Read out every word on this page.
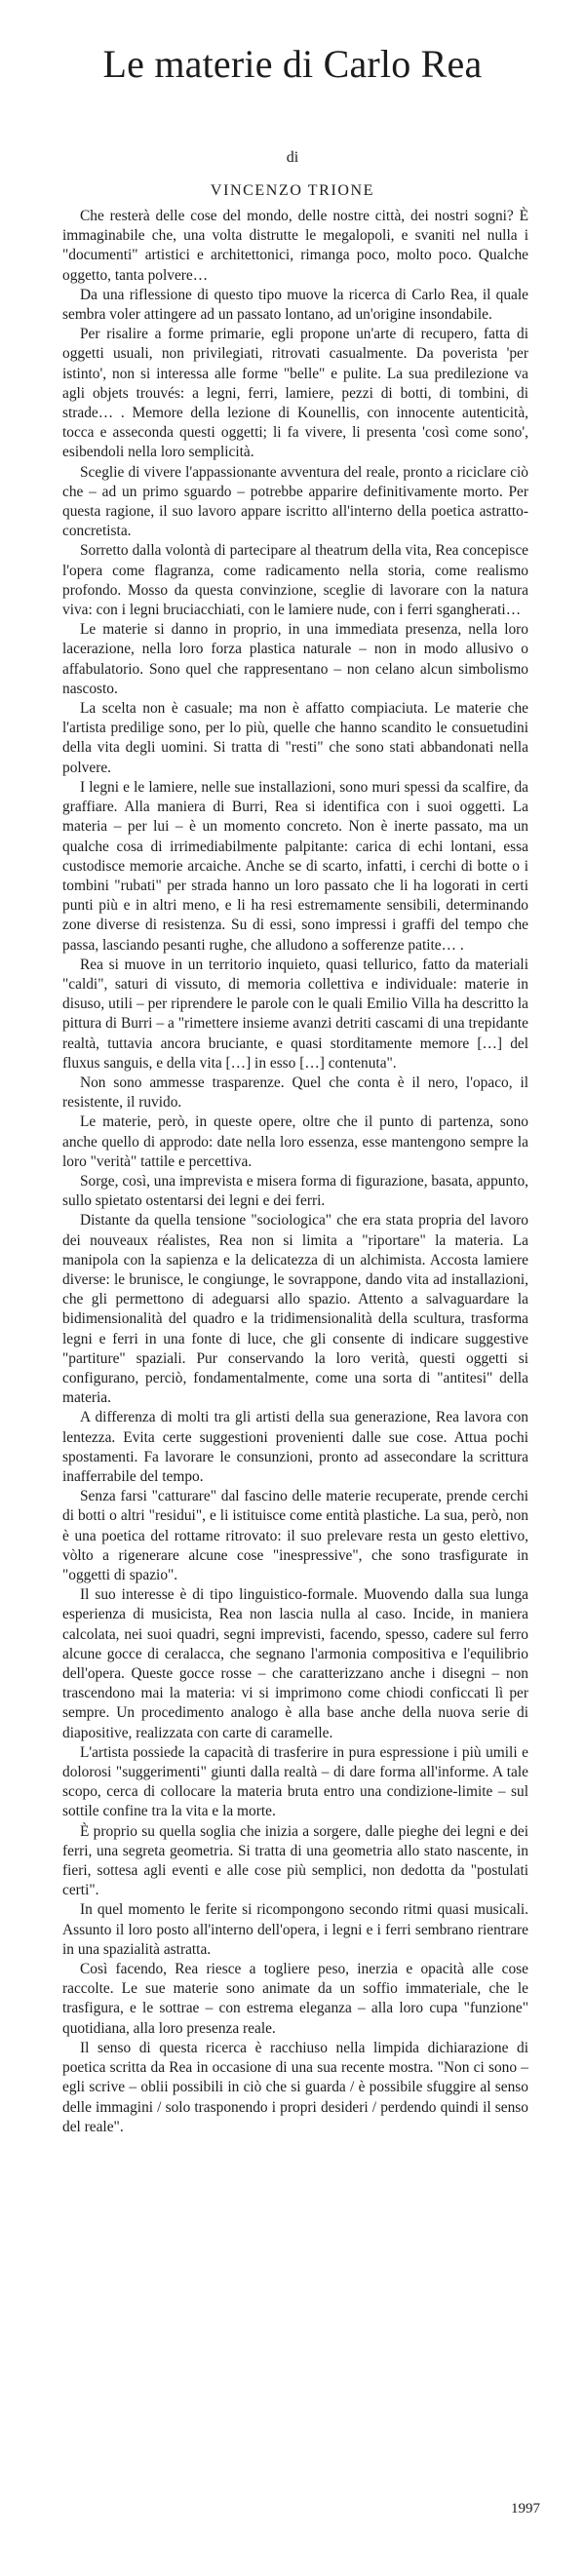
Le materie di Carlo Rea
di
VINCENZO TRIONE

Che resterà delle cose del mondo, delle nostre città, dei nostri sogni? È immaginabile che, una volta distrutte le megalopoli, e svaniti nel nulla i "documenti" artistici e architettonici, rimanga poco, molto poco. Qualche oggetto, tanta polvere…

Da una riflessione di questo tipo muove la ricerca di Carlo Rea, il quale sembra voler attingere ad un passato lontano, ad un'origine insondabile.

Per risalire a forme primarie, egli propone un'arte di recupero, fatta di oggetti usuali, non privilegiati, ritrovati casualmente. Da poverista 'per istinto', non si interessa alle forme "belle" e pulite. La sua predilezione va agli objets trouvés: a legni, ferri, lamiere, pezzi di botti, di tombini, di strade… . Memore della lezione di Kounellis, con innocente autenticità, tocca e asseconda questi oggetti; li fa vivere, li presenta 'così come sono', esibendoli nella loro semplicità.

Sceglie di vivere l'appassionante avventura del reale, pronto a riciclare ciò che – ad un primo sguardo – potrebbe apparire definitivamente morto. Per questa ragione, il suo lavoro appare iscritto all'interno della poetica astratto-concretista.

Sorretto dalla volontà di partecipare al theatrum della vita, Rea concepisce l'opera come flagranza, come radicamento nella storia, come realismo profondo. Mosso da questa convinzione, sceglie di lavorare con la natura viva: con i legni bruciacchiati, con le lamiere nude, con i ferri sgangherati…

Le materie si danno in proprio, in una immediata presenza, nella loro lacerazione, nella loro forza plastica naturale – non in modo allusivo o affabulatorio. Sono quel che rappresentano – non celano alcun simbolismo nascosto.

La scelta non è casuale; ma non è affatto compiaciuta. Le materie che l'artista predilige sono, per lo più, quelle che hanno scandito le consuetudini della vita degli uomini. Si tratta di "resti" che sono stati abbandonati nella polvere.

I legni e le lamiere, nelle sue installazioni, sono muri spessi da scalfire, da graffiare. Alla maniera di Burri, Rea si identifica con i suoi oggetti. La materia – per lui – è un momento concreto. Non è inerte passato, ma un qualche cosa di irrimediabilmente palpitante: carica di echi lontani, essa custodisce memorie arcaiche. Anche se di scarto, infatti, i cerchi di botte o i tombini "rubati" per strada hanno un loro passato che li ha logorati in certi punti più e in altri meno, e li ha resi estremamente sensibili, determinando zone diverse di resistenza. Su di essi, sono impressi i graffi del tempo che passa, lasciando pesanti rughe, che alludono a sofferenze patite… .

Rea si muove in un territorio inquieto, quasi tellurico, fatto da materiali "caldi", saturi di vissuto, di memoria collettiva e individuale: materie in disuso, utili – per riprendere le parole con le quali Emilio Villa ha descritto la pittura di Burri – a "rimettere insieme avanzi detriti cascami di una trepidante realtà, tuttavia ancora bruciante, e quasi storditamente memore […] del fluxus sanguis, e della vita […] in esso […] contenuta".

Non sono ammesse trasparenze. Quel che conta è il nero, l'opaco, il resistente, il ruvido.

Le materie, però, in queste opere, oltre che il punto di partenza, sono anche quello di approdo: date nella loro essenza, esse mantengono sempre la loro "verità" tattile e percettiva.

Sorge, così, una imprevista e misera forma di figurazione, basata, appunto, sullo spietato ostentarsi dei legni e dei ferri.

Distante da quella tensione "sociologica" che era stata propria del lavoro dei nouveaux réalistes, Rea non si limita a "riportare" la materia. La manipola con la sapienza e la delicatezza di un alchimista. Accosta lamiere diverse: le brunisce, le congiunge, le sovrappone, dando vita ad installazioni, che gli permettono di adeguarsi allo spazio. Attento a salvaguardare la bidimensionalità del quadro e la tridimensionalità della scultura, trasforma legni e ferri in una fonte di luce, che gli consente di indicare suggestive "partiture" spaziali. Pur conservando la loro verità, questi oggetti si configurano, perciò, fondamentalmente, come una sorta di "antitesi" della materia.

A differenza di molti tra gli artisti della sua generazione, Rea lavora con lentezza. Evita certe suggestioni provenienti dalle sue cose. Attua pochi spostamenti. Fa lavorare le consunzioni, pronto ad assecondare la scrittura inafferrabile del tempo.

Senza farsi "catturare" dal fascino delle materie recuperate, prende cerchi di botti o altri "residui", e li istituisce come entità plastiche. La sua, però, non è una poetica del rottame ritrovato: il suo prelevare resta un gesto elettivo, vòlto a rigenerare alcune cose "inespressive", che sono trasfigurate in "oggetti di spazio".

Il suo interesse è di tipo linguistico-formale. Muovendo dalla sua lunga esperienza di musicista, Rea non lascia nulla al caso. Incide, in maniera calcolata, nei suoi quadri, segni imprevisti, facendo, spesso, cadere sul ferro alcune gocce di ceralacca, che segnano l'armonia compositiva e l'equilibrio dell'opera. Queste gocce rosse – che caratterizzano anche i disegni – non trascendono mai la materia: vi si imprimono come chiodi conficcati lì per sempre. Un procedimento analogo è alla base anche della nuova serie di diapositive, realizzata con carte di caramelle.

L'artista possiede la capacità di trasferire in pura espressione i più umili e dolorosi "suggerimenti" giunti dalla realtà – di dare forma all'informe. A tale scopo, cerca di collocare la materia bruta entro una condizione-limite – sul sottile confine tra la vita e la morte.

È proprio su quella soglia che inizia a sorgere, dalle pieghe dei legni e dei ferri, una segreta geometria. Si tratta di una geometria allo stato nascente, in fieri, sottesa agli eventi e alle cose più semplici, non dedotta da "postulati certi".

In quel momento le ferite si ricompongono secondo ritmi quasi musicali. Assunto il loro posto all'interno dell'opera, i legni e i ferri sembrano rientrare in una spazialità astratta.

Così facendo, Rea riesce a togliere peso, inerzia e opacità alle cose raccolte. Le sue materie sono animate da un soffio immateriale, che le trasfigura, e le sottrae – con estrema eleganza – alla loro cupa "funzione" quotidiana, alla loro presenza reale.

Il senso di questa ricerca è racchiuso nella limpida dichiarazione di poetica scritta da Rea in occasione di una sua recente mostra. "Non ci sono – egli scrive – oblii possibili in ciò che si guarda / è possibile sfuggire al senso delle immagini / solo trasponendo i propri desideri / perdendo quindi il senso del reale".

1997
